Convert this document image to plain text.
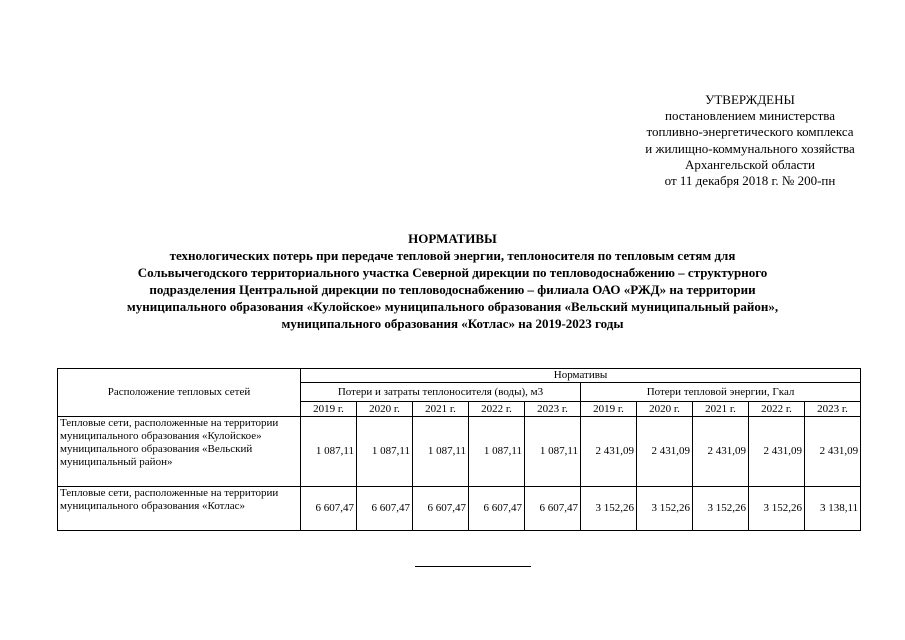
УТВЕРЖДЕНЫ
постановлением министерства
топливно-энергетического комплекса
и жилищно-коммунального хозяйства
Архангельской области
от 11 декабря 2018 г. № 200-пн
НОРМАТИВЫ
технологических потерь при передаче тепловой энергии, теплоносителя по тепловым сетям для
Сольвычегодского территориального участка Северной дирекции по тепловодоснабжению – структурного
подразделения Центральной дирекции по тепловодоснабжению – филиала ОАО «РЖД» на территории
муниципального образования «Кулойское» муниципального образования «Вельский муниципальный район»,
муниципального образования «Котлас» на 2019-2023 годы
Расположение тепловых сетей	Нормативы									
	Потери и затраты теплоносителя (воды), м3					Потери тепловой энергии, Гкал				
	2019 г.	2020 г.	2021 г.	2022 г.	2023 г.	2019 г.	2020 г.	2021 г.	2022 г.	2023 г.
Тепловые сети, расположенные на территории муниципального образования «Кулойское» муниципального образования «Вельский муниципальный район»	1 087,11	1 087,11	1 087,11	1 087,11	1 087,11	2 431,09	2 431,09	2 431,09	2 431,09	2 431,09
Тепловые сети, расположенные на территории муниципального образования «Котлас»	6 607,47	6 607,47	6 607,47	6 607,47	6 607,47	3 152,26	3 152,26	3 152,26	3 152,26	3 138,11
